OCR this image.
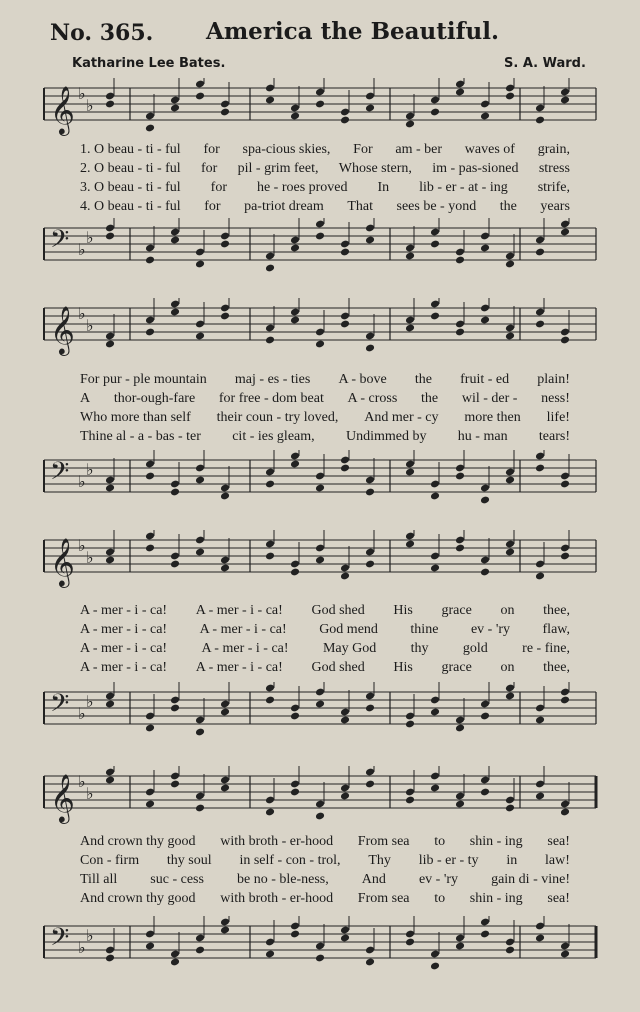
No. 365. America the Beautiful.
Katharine Lee Bates.	S. A. Ward.
𝄞 ♭
♭
1. O beau - ti - ful for spa-cious skies, For am - ber waves of grain,
2. O beau - ti - ful for pil - grim feet, Whose stern, im - pas-sioned stress
3. O beau - ti - ful for he - roes proved In lib - er - at - ing strife,
4. O beau - ti - ful for pa-triot dream That sees be - yond the years
𝄢 ♭
♭
𝄞 ♭
♭
For pur - ple mountain maj - es - ties A - bove the fruit - ed plain!
A thor-ough-fare for free - dom beat A - cross the wil - der - ness!
Who more than self their coun - try loved, And mer - cy more then life!
Thine al - a - bas - ter cit - ies gleam, Undimmed by hu - man tears!
𝄢 ♭
♭
𝄞 ♭
♭
A - mer - i - ca! A - mer - i - ca! God shed His grace on thee,
A - mer - i - ca! A - mer - i - ca! God mend thine ev - 'ry flaw,
A - mer - i - ca! A - mer - i - ca! May God thy gold re - fine,
A - mer - i - ca! A - mer - i - ca! God shed His grace on thee,
𝄢 ♭
♭
𝄞 ♭
♭
And crown thy good with broth - er-hood From sea to shin - ing sea!
Con - firm thy soul in self - con - trol, Thy lib - er - ty in law!
Till all suc - cess be no - ble-ness, And ev - 'ry gain di - vine!
And crown thy good with broth - er-hood From sea to shin - ing sea!
𝄢 ♭
♭
